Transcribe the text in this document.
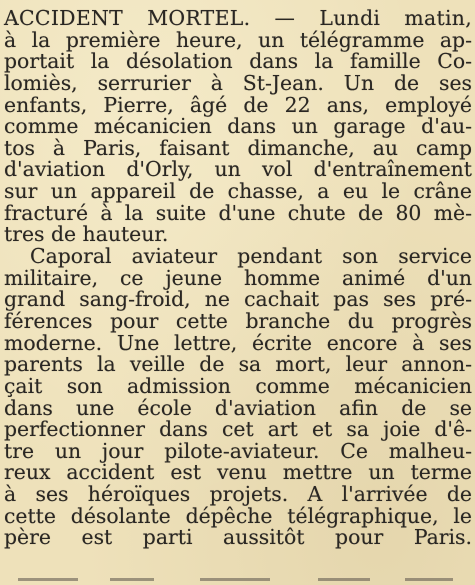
ACCIDENT MORTEL. — Lundi matin,
à la première heure, un télégramme ap-
portait la désolation dans la famille Co-
lomiès, serrurier à St-Jean. Un de ses
enfants, Pierre, âgé de 22 ans, employé
comme mécanicien dans un garage d'au-
tos à Paris, faisant dimanche, au camp
d'aviation d'Orly, un vol d'entraînement
sur un appareil de chasse, a eu le crâne
fracturé à la suite d'une chute de 80 mè-
tres de hauteur.
Caporal aviateur pendant son service
militaire, ce jeune homme animé d'un
grand sang-froid, ne cachait pas ses pré-
férences pour cette branche du progrès
moderne. Une lettre, écrite encore à ses
parents la veille de sa mort, leur annon-
çait son admission comme mécanicien
dans une école d'aviation afin de se
perfectionner dans cet art et sa joie d'ê-
tre un jour pilote-aviateur. Ce malheu-
reux accident est venu mettre un terme
à ses héroïques projets. A l'arrivée de
cette désolante dépêche télégraphique, le
père est parti aussitôt pour Paris.
